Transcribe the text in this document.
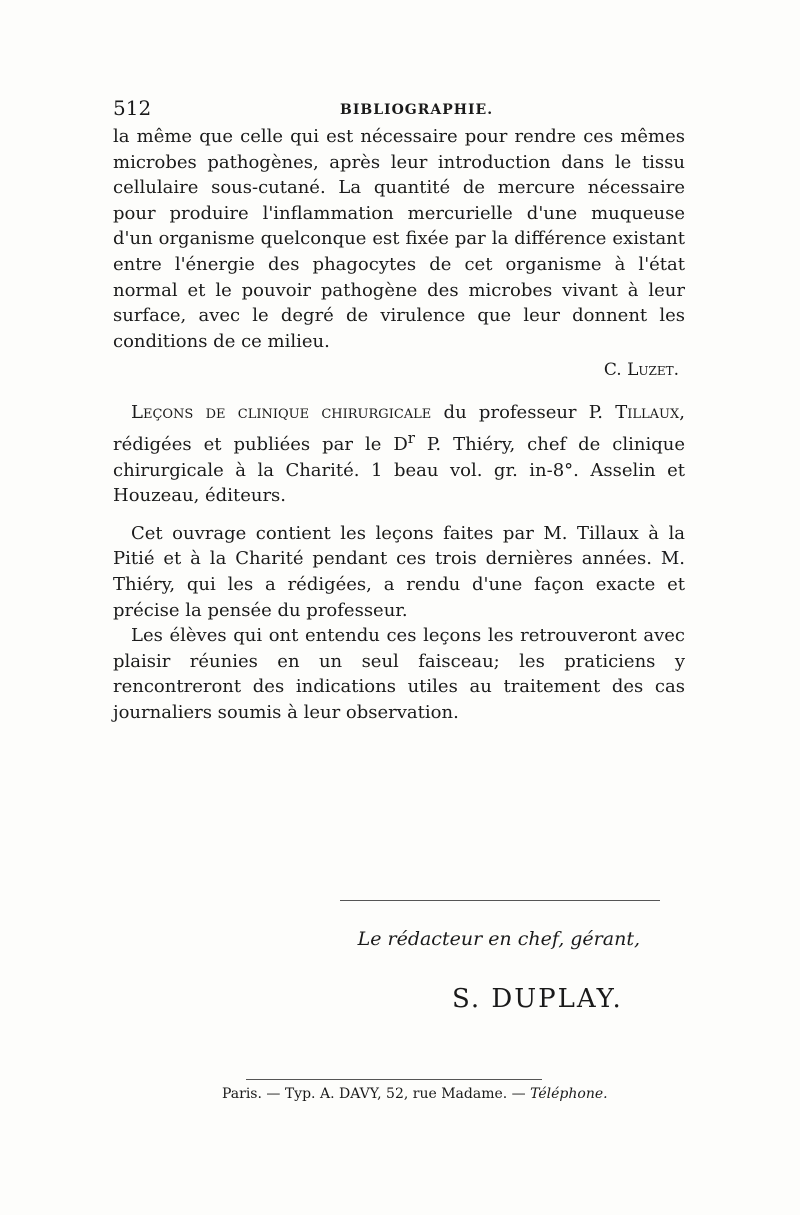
512	BIBLIOGRAPHIE.

la même que celle qui est nécessaire pour rendre ces mêmes microbes pathogènes, après leur introduction dans le tissu cellulaire sous-cutané. La quantité de mercure nécessaire pour produire l'inflammation mercurielle d'une muqueuse d'un organisme quelconque est fixée par la différence existant entre l'énergie des phagocytes de cet organisme à l'état normal et le pouvoir pathogène des microbes vivant à leur surface, avec le degré de virulence que leur donnent les conditions de ce milieu.

C. Luzet.

Leçons de clinique chirurgicale du professeur P. Tillaux, rédigées et publiées par le $D^r$ P. Thiéry, chef de clinique chirurgicale à la Charité. 1 beau vol. gr. in-8°. Asselin et Houzeau, éditeurs.

Cet ouvrage contient les leçons faites par M. Tillaux à la Pitié et à la Charité pendant ces trois dernières années. M. Thiéry, qui les a rédigées, a rendu d'une façon exacte et précise la pensée du professeur.

Les élèves qui ont entendu ces leçons les retrouveront avec plaisir réunies en un seul faisceau; les praticiens y rencontreront des indications utiles au traitement des cas journaliers soumis à leur observation.

Le rédacteur en chef, gérant,
S. DUPLAY.
Paris. — Typ. A. DAVY, 52, rue Madame. — Téléphone.
